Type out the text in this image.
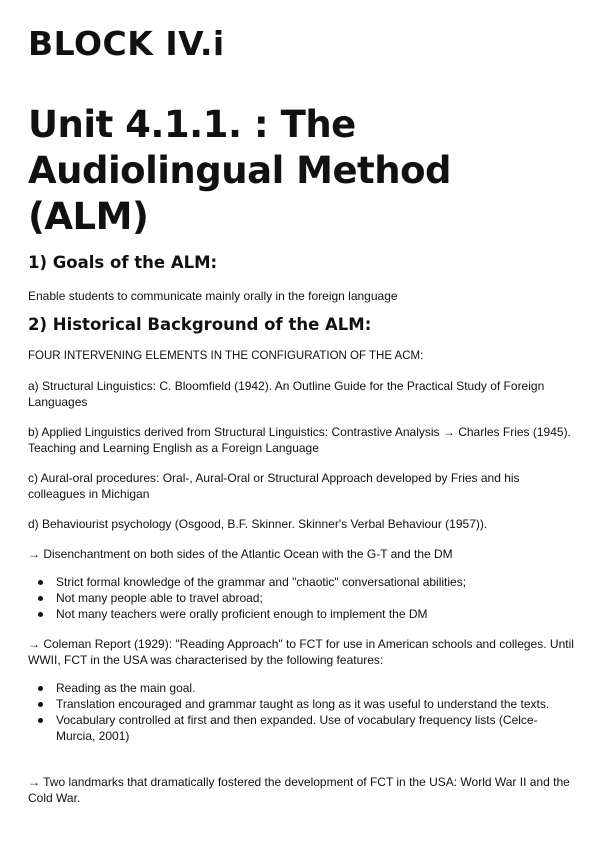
BLOCK IV.i
Unit 4.1.1. : The Audiolingual Method (ALM)
1) Goals of the ALM:

Enable students to communicate mainly orally in the foreign language

2) Historical Background of the ALM:

FOUR INTERVENING ELEMENTS IN THE CONFIGURATION OF THE ACM:

a) Structural Linguistics: C. Bloomfield (1942). An Outline Guide for the Practical Study of Foreign Languages

b) Applied Linguistics derived from Structural Linguistics: Contrastive Analysis → Charles Fries (1945). Teaching and Learning English as a Foreign Language

c) Aural-oral procedures: Oral-, Aural-Oral or Structural Approach developed by Fries and his colleagues in Michigan

d) Behaviourist psychology (Osgood, B.F. Skinner. Skinner's Verbal Behaviour (1957)).

→ Disenchantment on both sides of the Atlantic Ocean with the G-T and the DM

Strict formal knowledge of the grammar and "chaotic" conversational abilities;
Not many people able to travel abroad;
Not many teachers were orally proficient enough to implement the DM

→ Coleman Report (1929): "Reading Approach" to FCT for use in American schools and colleges. Until WWII, FCT in the USA was characterised by the following features:

Reading as the main goal.
Translation encouraged and grammar taught as long as it was useful to understand the texts.
Vocabulary controlled at first and then expanded. Use of vocabulary frequency lists (Celce-Murcia, 2001)

→ Two landmarks that dramatically fostered the development of FCT in the USA: World War II and the Cold War.
